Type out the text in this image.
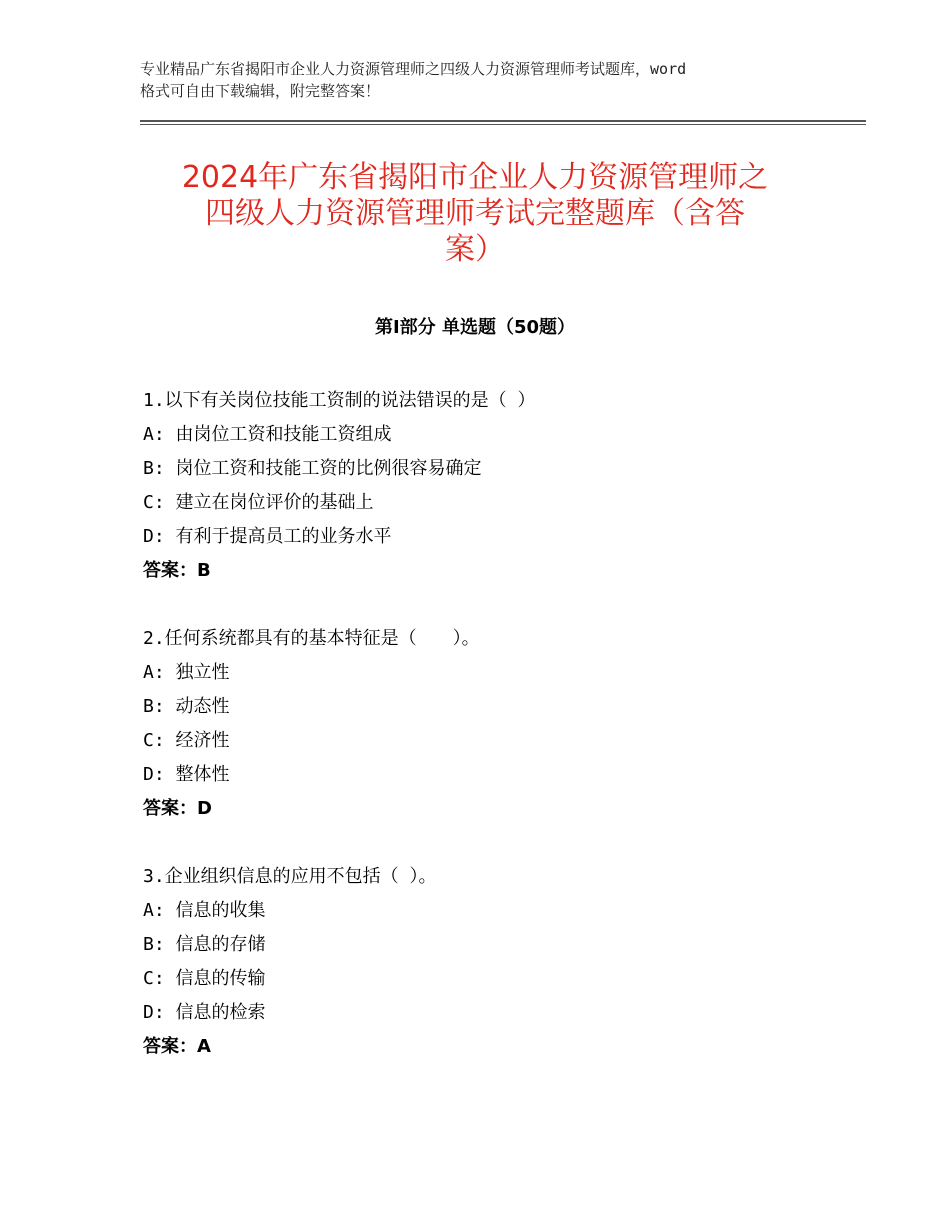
专业精品广东省揭阳市企业人力资源管理师之四级人力资源管理师考试题库，word
格式可自由下载编辑，附完整答案！
2024年广东省揭阳市企业人力资源管理师之
四级人力资源管理师考试完整题库（含答
案）
第Ⅰ部分 单选题（50题）
1.以下有关岗位技能工资制的说法错误的是（ ）
A: 由岗位工资和技能工资组成
B: 岗位工资和技能工资的比例很容易确定
C: 建立在岗位评价的基础上
D: 有利于提高员工的业务水平
答案：B
2.任何系统都具有的基本特征是（　　）。
A: 独立性
B: 动态性
C: 经济性
D: 整体性
答案：D
3.企业组织信息的应用不包括（ ）。
A: 信息的收集
B: 信息的存储
C: 信息的传输
D: 信息的检索
答案：A
